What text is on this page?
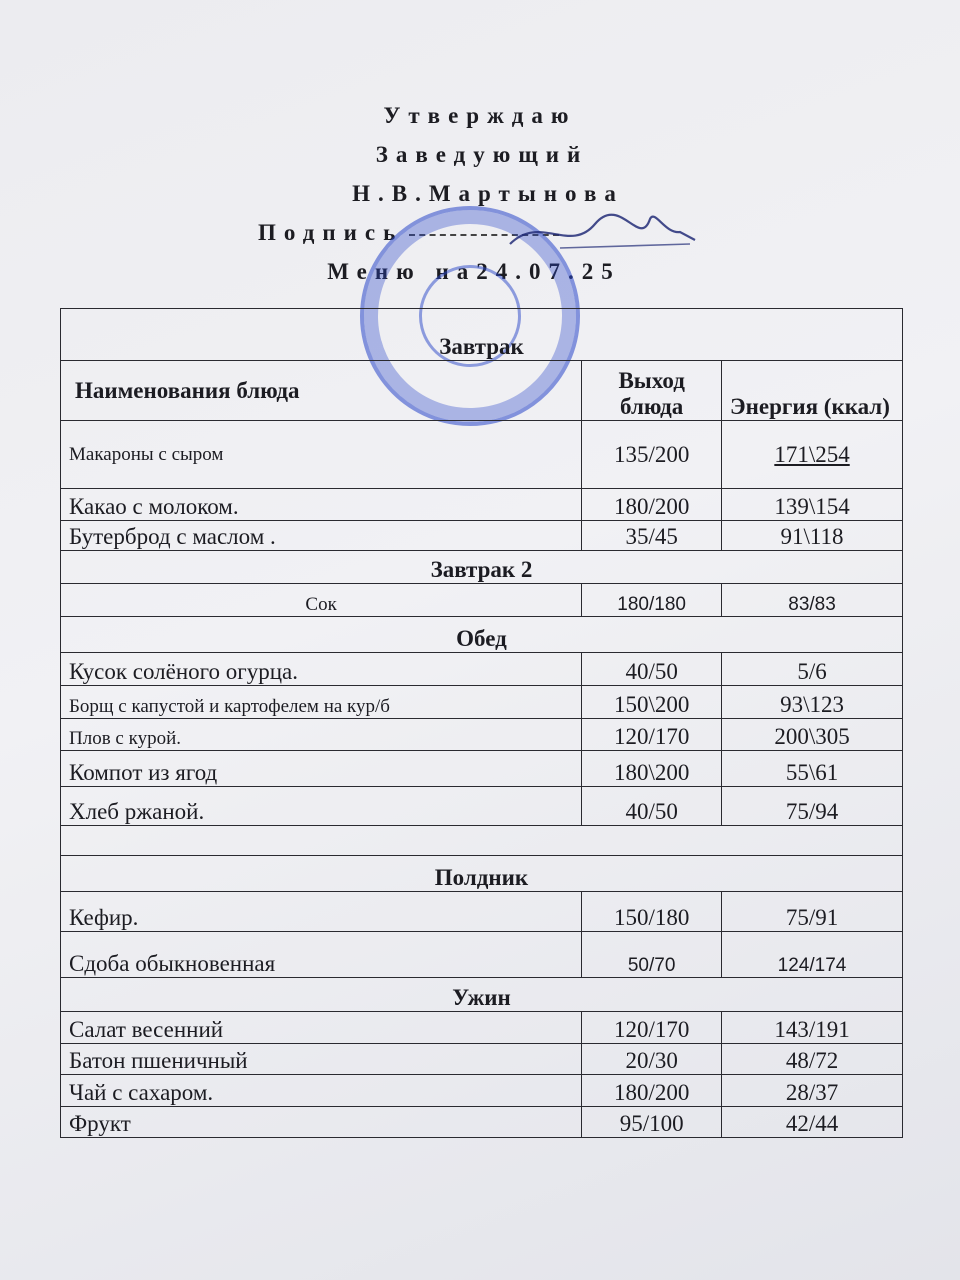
Утверждаю
Заведующий
Н.В.Мартынова
Подпись
Меню на24.07.25
Завтрак		
Наименования блюда	Выход блюда	Энергия (ккал)
Макароны с сыром	135/200	171\254
Какао с молоком.	180/200	139\154
Бутерброд с маслом .	35/45	91\118
Завтрак 2		
Сок	180/180	83/83
Обед		
Кусок солёного огурца.	40/50	5/6
Борщ с капустой и картофелем на кур/б	150\200	93\123
Плов с курой.	120/170	200\305
Компот из ягод	180\200	55\61
Хлеб ржаной.	40/50	75/94

Полдник		
Кефир.	150/180	75/91
Сдоба обыкновенная	50/70	124/174
Ужин		
Салат весенний	120/170	143/191
Батон пшеничный	20/30	48/72
Чай с сахаром.	180/200	28/37
Фрукт	95/100	42/44
